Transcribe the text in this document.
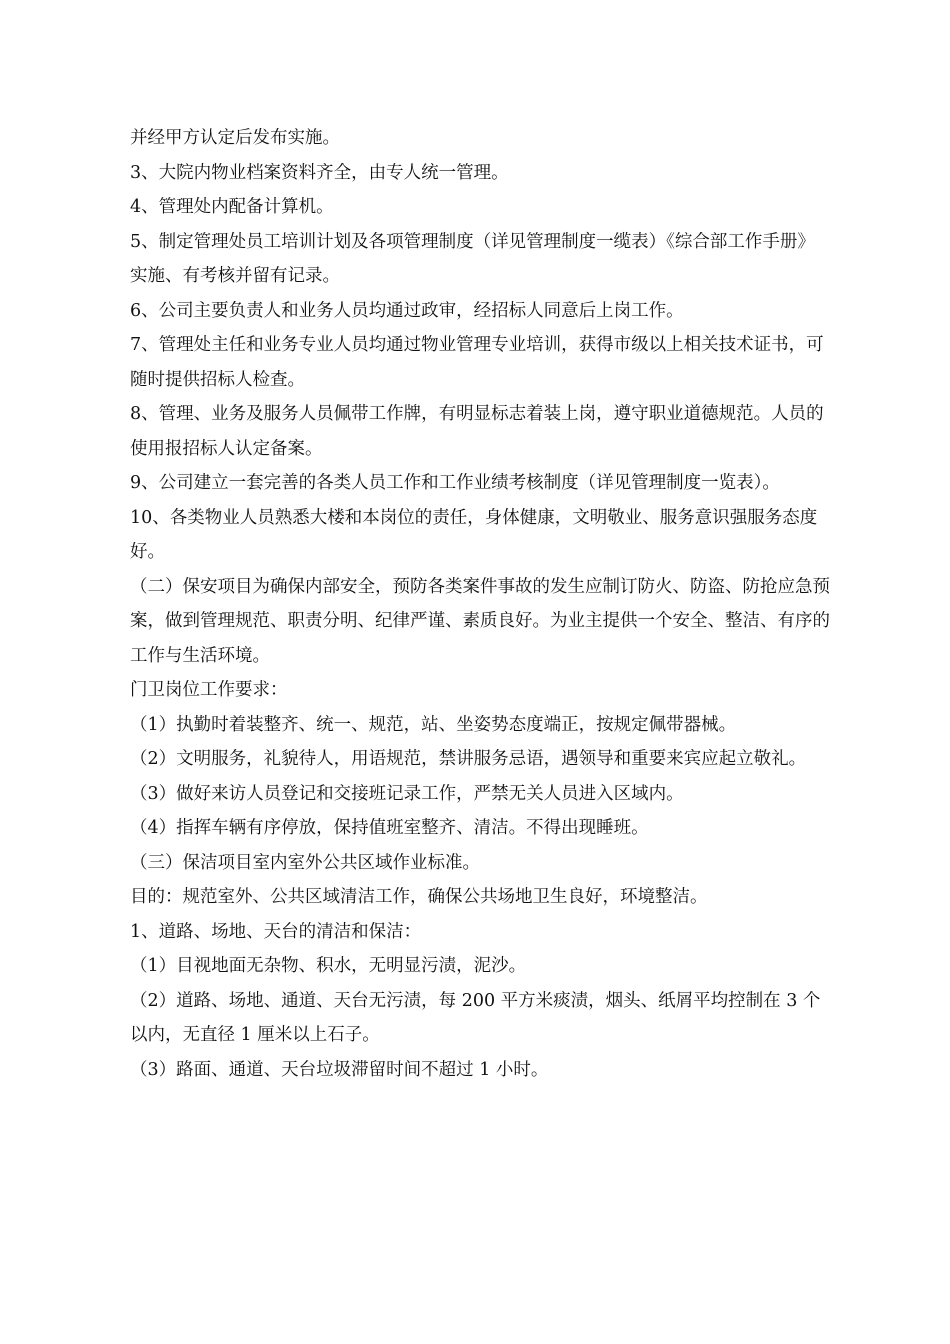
并经甲方认定后发布实施。

3、大院内物业档案资料齐全，由专人统一管理。

4、管理处内配备计算机。

5、制定管理处员工培训计划及各项管理制度（详见管理制度一缆表）《综合部工作手册》实施、有考核并留有记录。

6、公司主要负责人和业务人员均通过政审，经招标人同意后上岗工作。

7、管理处主任和业务专业人员均通过物业管理专业培训，获得市级以上相关技术证书，可随时提供招标人检查。

8、管理、业务及服务人员佩带工作牌，有明显标志着装上岗，遵守职业道德规范。人员的使用报招标人认定备案。

9、公司建立一套完善的各类人员工作和工作业绩考核制度（详见管理制度一览表）。

10、各类物业人员熟悉大楼和本岗位的责任，身体健康，文明敬业、服务意识强服务态度好。

（二）保安项目为确保内部安全，预防各类案件事故的发生应制订防火、防盗、防抢应急预案，做到管理规范、职责分明、纪律严谨、素质良好。为业主提供一个安全、整洁、有序的工作与生活环境。

门卫岗位工作要求：

（1）执勤时着装整齐、统一、规范，站、坐姿势态度端正，按规定佩带器械。

（2）文明服务，礼貌待人，用语规范，禁讲服务忌语，遇领导和重要来宾应起立敬礼。

（3）做好来访人员登记和交接班记录工作，严禁无关人员进入区域内。

（4）指挥车辆有序停放，保持值班室整齐、清洁。不得出现睡班。

（三）保洁项目室内室外公共区域作业标准。

目的：规范室外、公共区域清洁工作，确保公共场地卫生良好，环境整洁。

1、道路、场地、天台的清洁和保洁：

（1）目视地面无杂物、积水，无明显污渍，泥沙。

（2）道路、场地、通道、天台无污渍，每 200 平方米痰渍，烟头、纸屑平均控制在 3 个以内，无直径 1 厘米以上石子。

（3）路面、通道、天台垃圾滞留时间不超过 1 小时。
